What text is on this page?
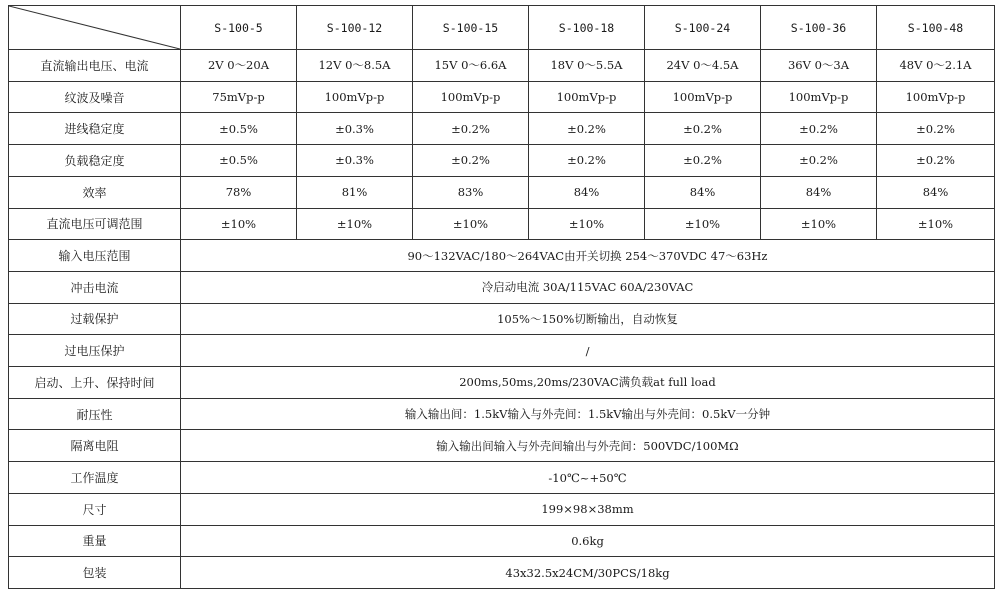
	S-100-5	S-100-12	S-100-15	S-100-18	S-100-24	S-100-36	S-100-48
直流输出电压、电流	2V 0～20A	12V 0～8.5A	15V 0～6.6A	18V 0～5.5A	24V 0～4.5A	36V 0～3A	48V 0～2.1A
纹波及噪音	75mVp-p	100mVp-p	100mVp-p	100mVp-p	100mVp-p	100mVp-p	100mVp-p
进线稳定度	±0.5%	±0.3%	±0.2%	±0.2%	±0.2%	±0.2%	±0.2%
负载稳定度	±0.5%	±0.3%	±0.2%	±0.2%	±0.2%	±0.2%	±0.2%
效率	78%	81%	83%	84%	84%	84%	84%
直流电压可调范围	±10%	±10%	±10%	±10%	±10%	±10%	±10%
输入电压范围	90～132VAC/180～264VAC由开关切换 254～370VDC 47～63Hz						
冲击电流	冷启动电流 30A/115VAC 60A/230VAC						
过载保护	105%～150%切断输出，自动恢复						
过电压保护	/						
启动、上升、保持时间	200ms,50ms,20ms/230VAC满负载at full load						
耐压性	输入输出间：1.5kV输入与外壳间：1.5kV输出与外壳间：0.5kV一分钟						
隔离电阻	输入输出间输入与外壳间输出与外壳间：500VDC/100MΩ						
工作温度	-10℃~+50℃						
尺寸	199×98×38mm						
重量	0.6kg						
包装	43x32.5x24CM/30PCS/18kg						
